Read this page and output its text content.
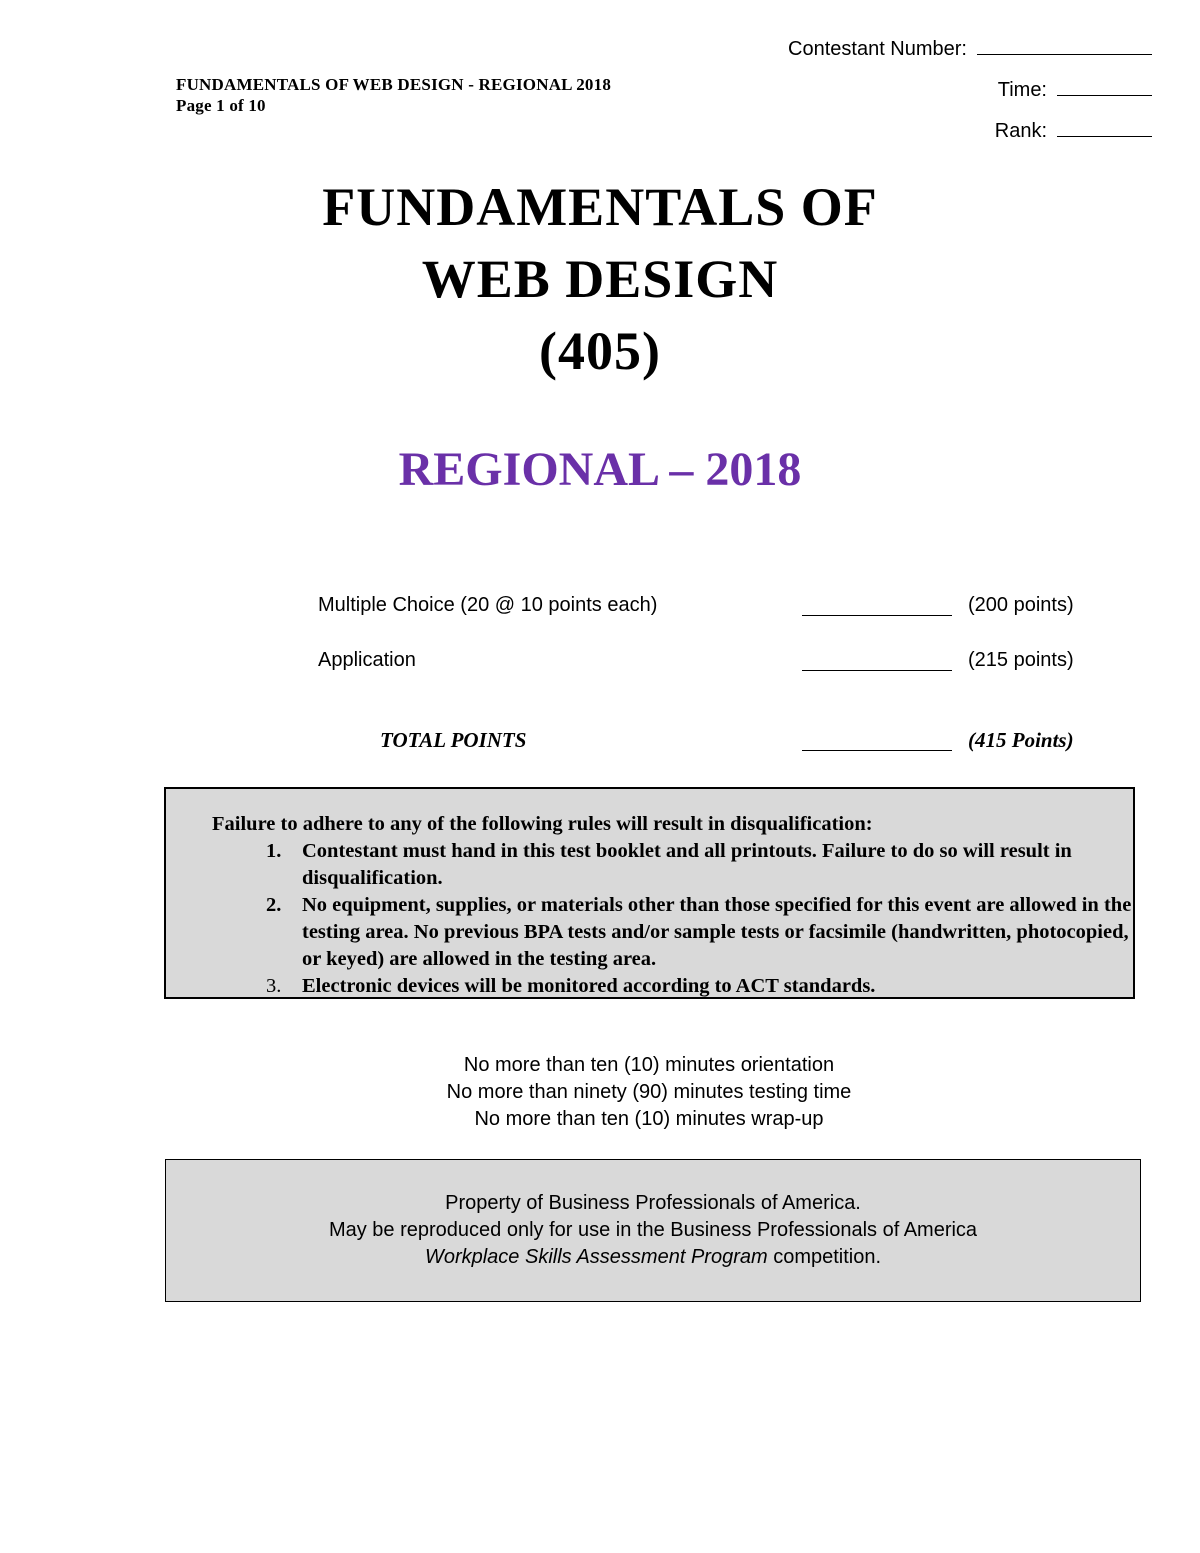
Contestant Number:
Time:
Rank:
FUNDAMENTALS OF WEB DESIGN - REGIONAL 2018
Page 1 of 10
FUNDAMENTALS OF
WEB DESIGN
(405)
REGIONAL – 2018
Multiple Choice (20 @ 10 points each)	(200 points)
Application	(215 points)
TOTAL POINTS	(415 Points)
Failure to adhere to any of the following rules will result in disqualification:
1. Contestant must hand in this test booklet and all printouts. Failure to do so will result in disqualification.
2. No equipment, supplies, or materials other than those specified for this event are allowed in the testing area. No previous BPA tests and/or sample tests or facsimile (handwritten, photocopied, or keyed) are allowed in the testing area.
3. Electronic devices will be monitored according to ACT standards.
No more than ten (10) minutes orientation
No more than ninety (90) minutes testing time
No more than ten (10) minutes wrap-up
Property of Business Professionals of America.
May be reproduced only for use in the Business Professionals of America
Workplace Skills Assessment Program competition.
